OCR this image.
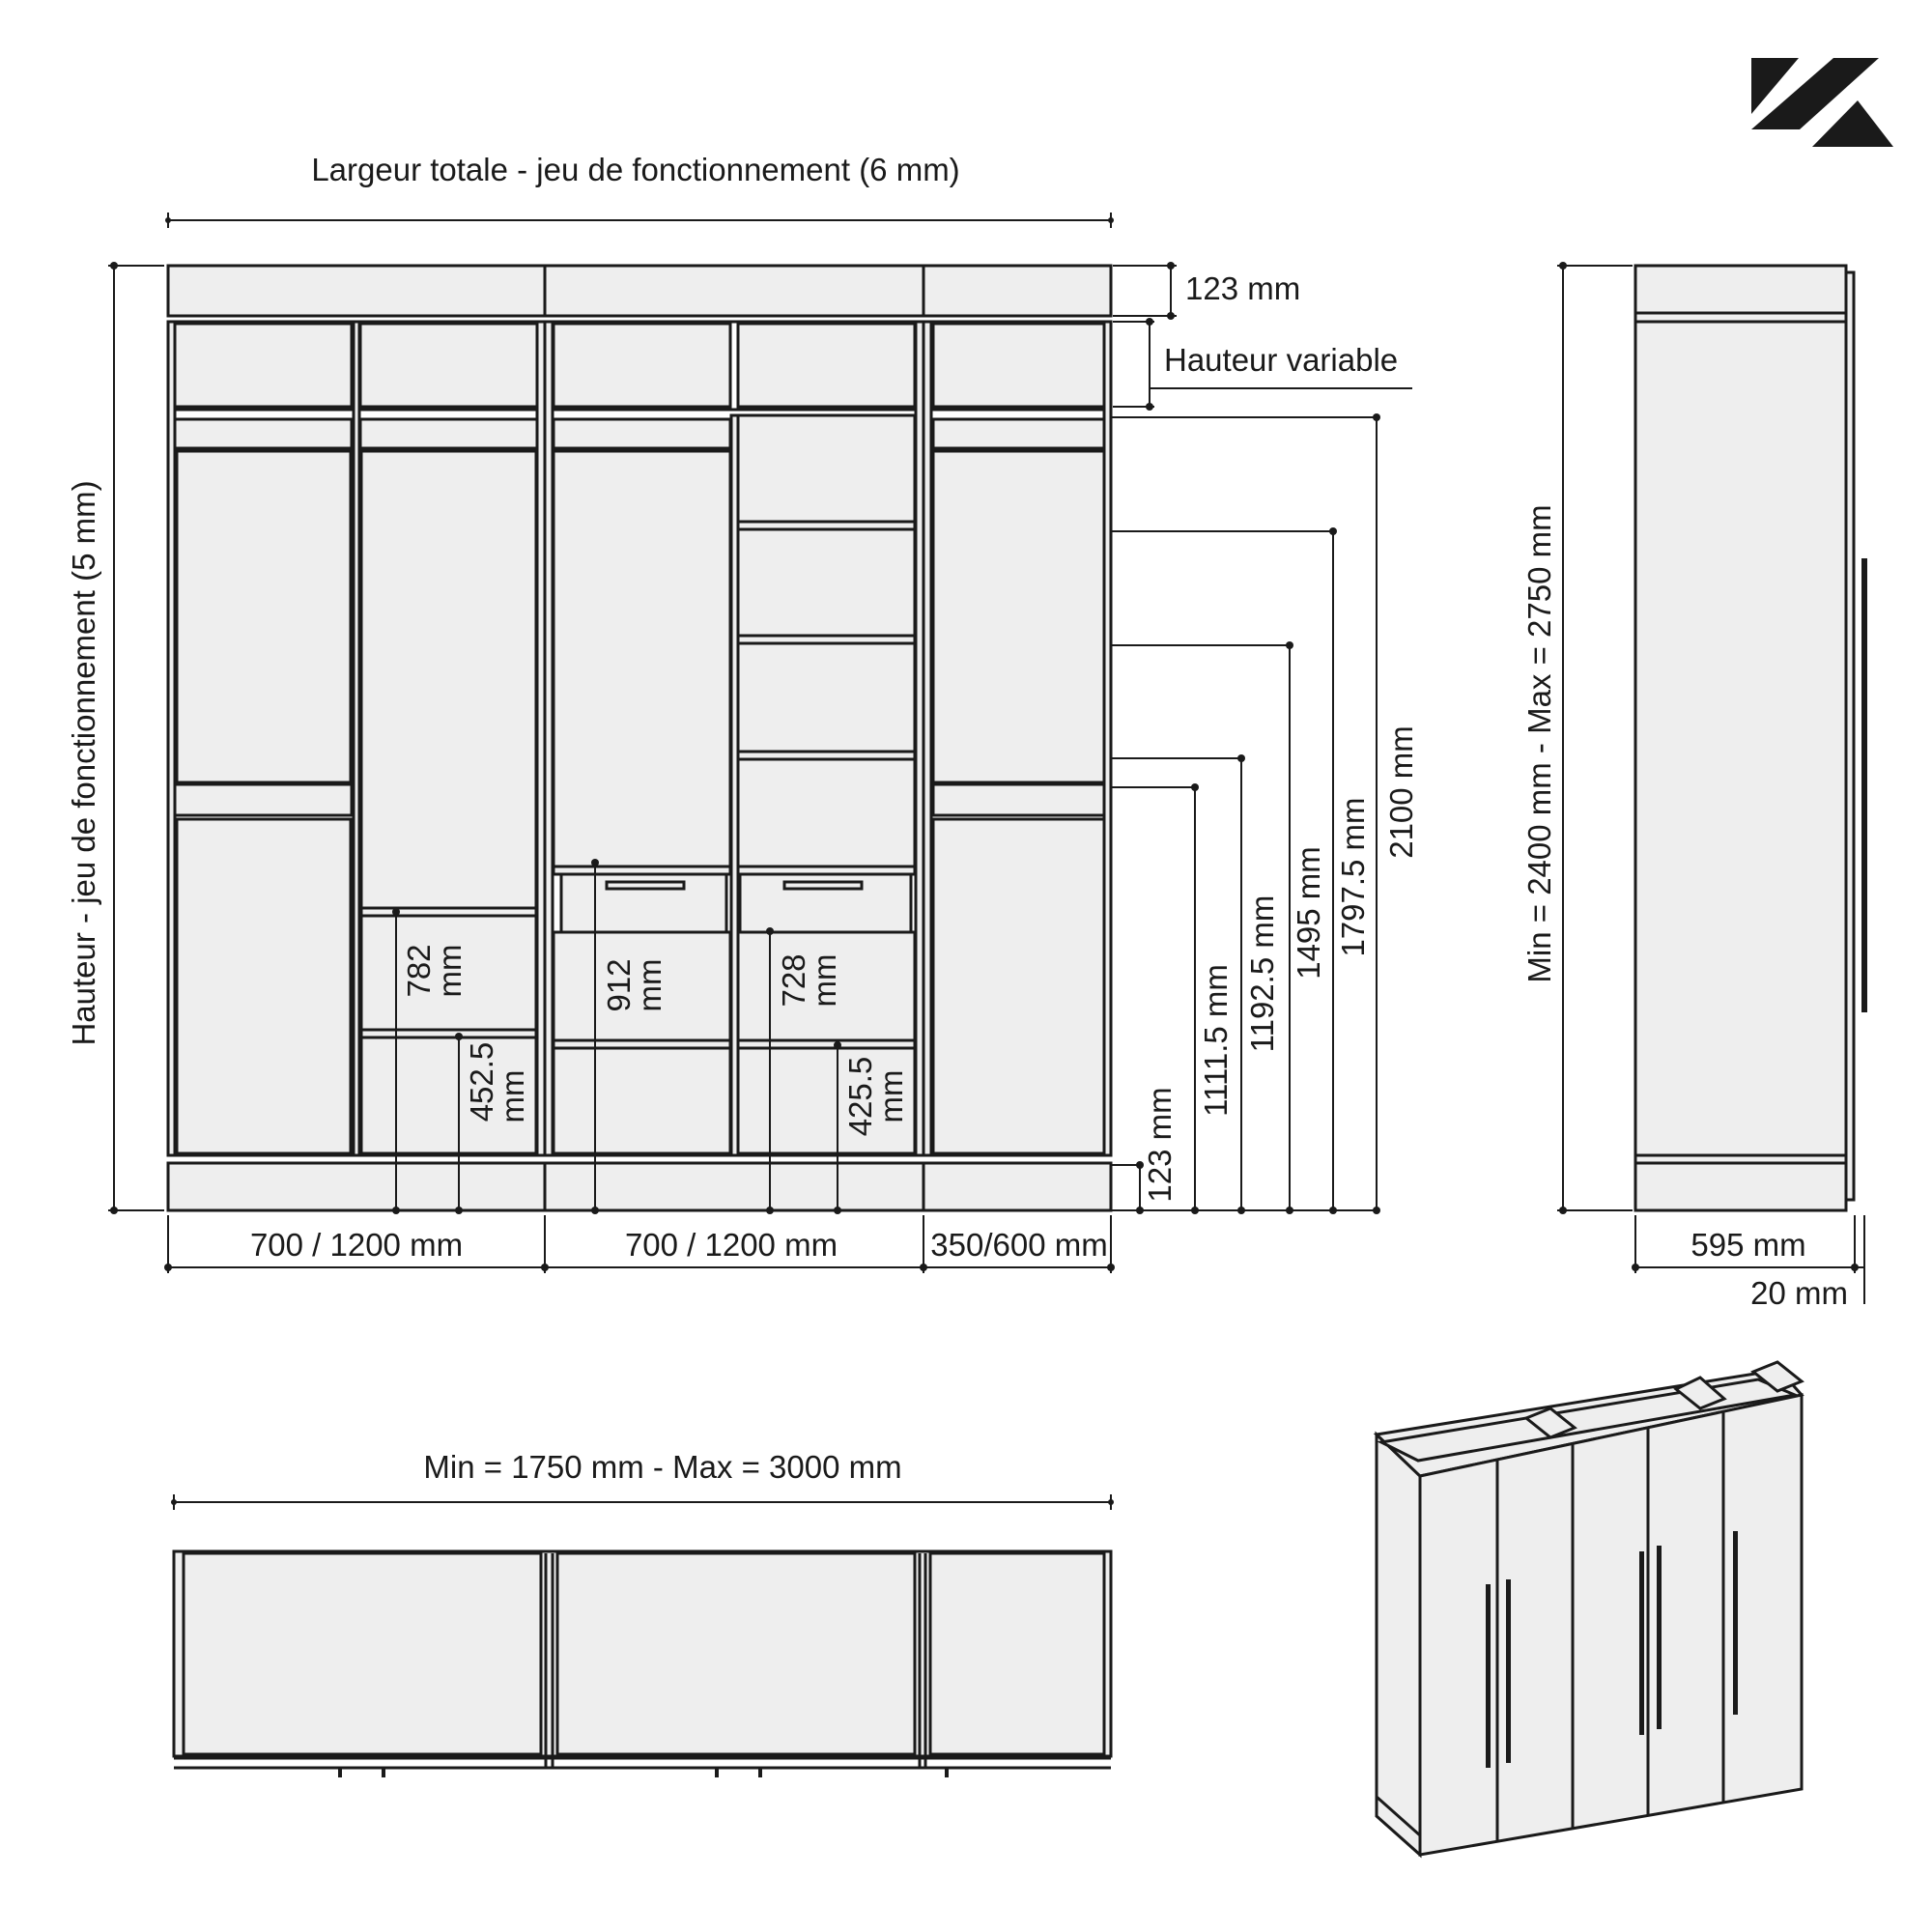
Largeur totale - jeu de fonctionnement (6 mm)
782
mm
452.5
mm
912
mm	728
mm
425.5
mm
Hauteur - jeu de fonctionnement (5 mm)
123 mm
Hauteur variable
2100 mm
1797.5 mm
1495 mm
1192.5 mm
1111.5 mm
123 mm
700 / 1200 mm	700 / 1200 mm	350/600 mm
Min = 2400 mm - Max = 2750 mm
595 mm
20 mm
Min = 1750 mm - Max = 3000 mm
